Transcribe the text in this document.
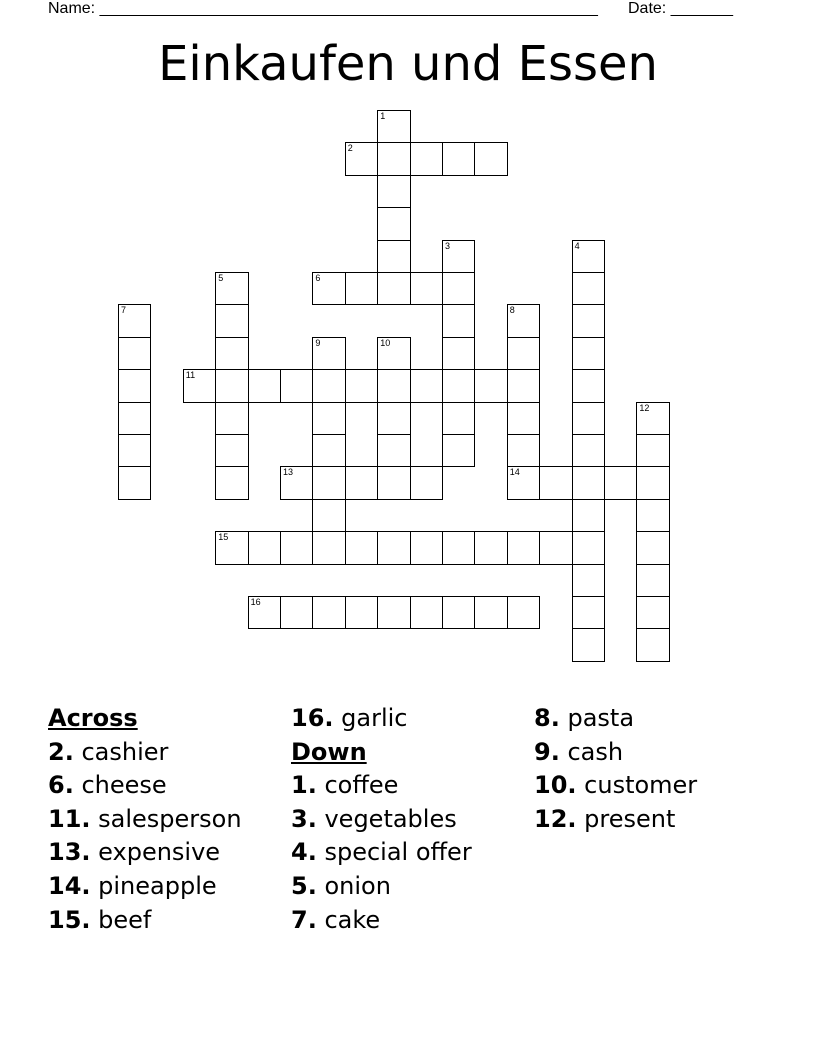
Name: ________________________________________________________ Date: _______
Einkaufen und Essen
1
2
3	4
5	6
7	8
9	10
11
12
13	14
15
16
Across
2. cashier
6. cheese
11. salesperson
13. expensive
14. pineapple
15. beef
16. garlic
Down
1. coffee
3. vegetables
4. special offer
5. onion
7. cake
8. pasta
9. cash
10. customer
12. present
